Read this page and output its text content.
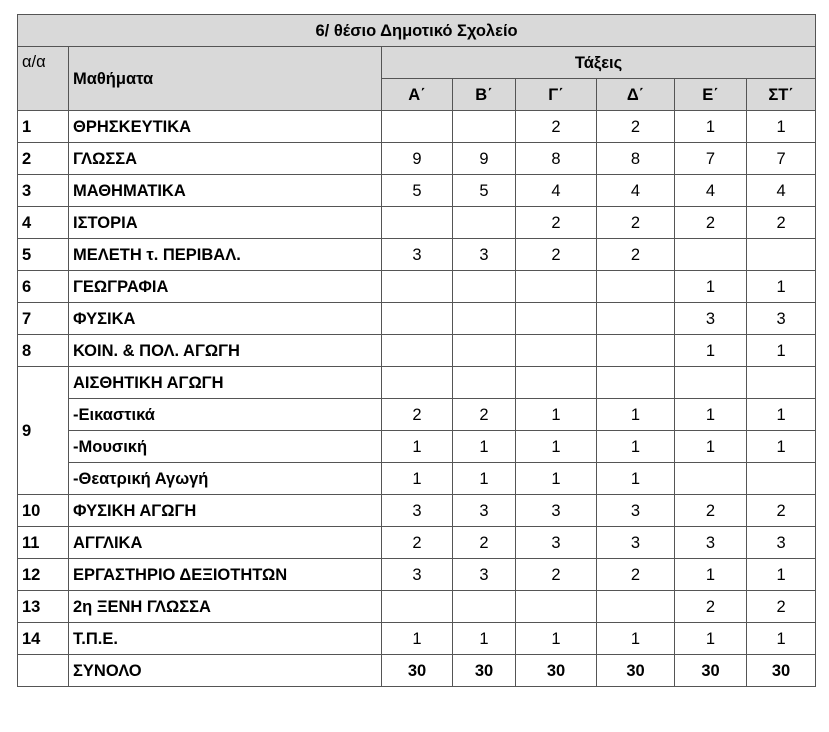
6/ θέσιο Δημοτικό Σχολείο							
α/α	Μαθήματα	Τάξεις					
		Α΄	Β΄	Γ΄	Δ΄	Ε΄	ΣΤ΄
1	ΘΡΗΣΚΕΥΤΙΚΑ			2	2	1	1
2	ΓΛΩΣΣΑ	9	9	8	8	7	7
3	ΜΑΘΗΜΑΤΙΚΑ	5	5	4	4	4	4
4	ΙΣΤΟΡΙΑ			2	2	2	2
5	ΜΕΛΕΤΗ τ. ΠΕΡΙΒΑΛ.	3	3	2	2		
6	ΓΕΩΓΡΑΦΙΑ					1	1
7	ΦΥΣΙΚΑ					3	3
8	ΚΟΙΝ. & ΠΟΛ. ΑΓΩΓΗ					1	1
9	ΑΙΣΘΗΤΙΚΗ ΑΓΩΓΗ						
	-Εικαστικά	2	2	1	1	1	1
	-Μουσική	1	1	1	1	1	1
	-Θεατρική Αγωγή	1	1	1	1		
10	ΦΥΣΙΚΗ ΑΓΩΓΗ	3	3	3	3	2	2
11	ΑΓΓΛΙΚΑ	2	2	3	3	3	3
12	ΕΡΓΑΣΤΗΡΙΟ ΔΕΞΙΟΤΗΤΩΝ	3	3	2	2	1	1
13	2η ΞΕΝΗ ΓΛΩΣΣΑ					2	2
14	Τ.Π.Ε.	1	1	1	1	1	1
	ΣΥΝΟΛΟ	30	30	30	30	30	30
